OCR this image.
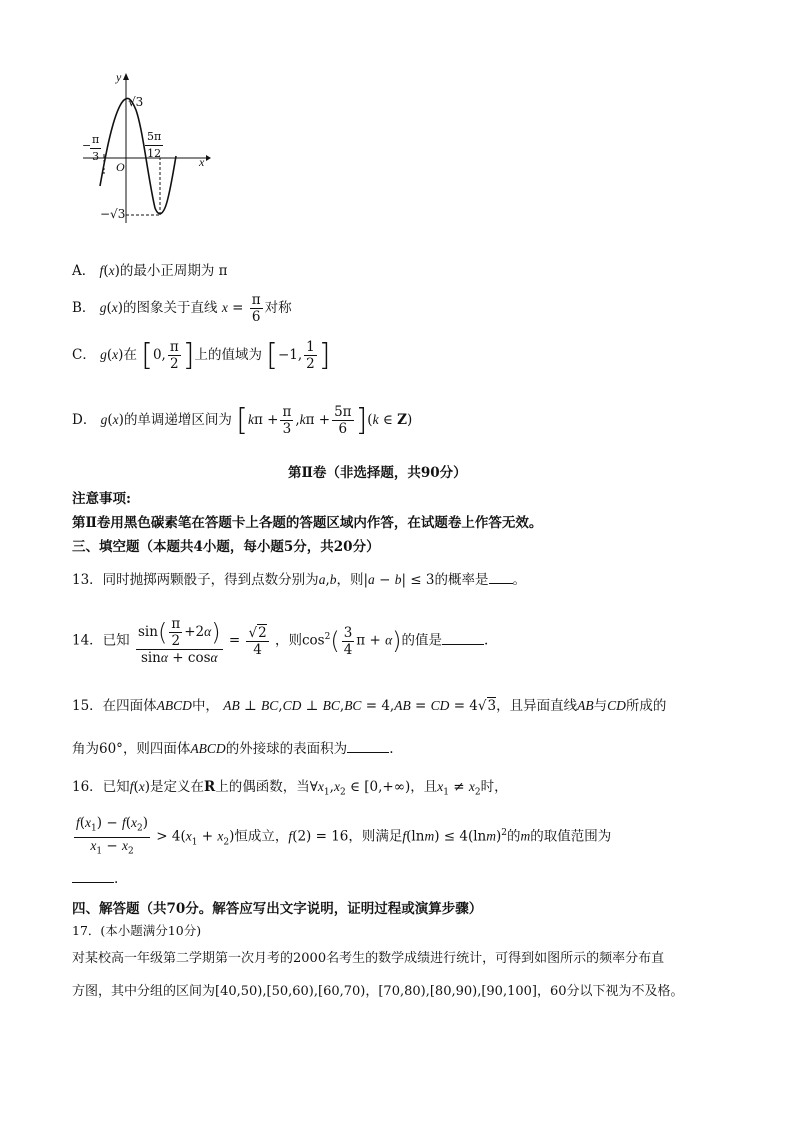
y
x
O
√3
−√3
−
$\frac{\pi}{3}$	$\frac{5\pi}{12}$
A． f(x)的最小正周期为 π
B． g(x)的图象关于直线 $x = \frac{\pi}{6}$ 对称
C． g(x)在 [0, $\frac{\pi}{2}$ ]上的值域为 [−1, $\frac{1}{2}$ ]
D． g(x)的单调递增区间为 $[k\pi + \frac{\pi}{3} ,k\pi + \frac{5\pi}{6} ](k$ ∈ Z)
第Ⅱ卷（非选择题，共90分）
注意事项:
第Ⅱ卷用黑色碳素笔在答题卡上各题的答题区域内作答，在试题卷上作答无效。
三、填空题（本题共4小题，每小题5分，共20分）
13．同时抛掷两颗骰子，得到点数分别为a,b，则|a − b| ≤ 3的概率是 。
14．已知 $\frac{\sin( \frac{\pi}{2} +2\alpha)}{\sin\alpha + \cos\alpha} = \frac{√2}{4}$ ，则$\cos^2( \frac{3}{4}$ π + α)的值是	.
15．在四面体ABCD中， AB ⊥ BC,CD ⊥ BC,BC = 4,AB = CD = 4√3，且异面直线AB与CD所成的
角为60°，则四面体ABCD的外接球的表面积为	.
16．已知f(x)是定义在R上的偶函数，当$\forall x_1,x_2$ ∈ [0,+∞)，且$x_1 \ne x_2$时，
$\frac{f(x_1) - f(x_2)}{x_1 - x_2} > 4(x_1 + x_2)$恒成立，f(2) = 16，则满足$f(\ln m) \le 4(\ln m)^2$的m的取值范围为
.
四、解答题（共70分。解答应写出文字说明，证明过程或演算步骤）
17．(本小题满分10分)
对某校高一年级第二学期第一次月考的2000名考生的数学成绩进行统计，可得到如图所示的频率分布直
方图，其中分组的区间为[40,50),[50,60),[60,70)，[70,80),[80,90),[90,100]，60分以下视为不及格。
